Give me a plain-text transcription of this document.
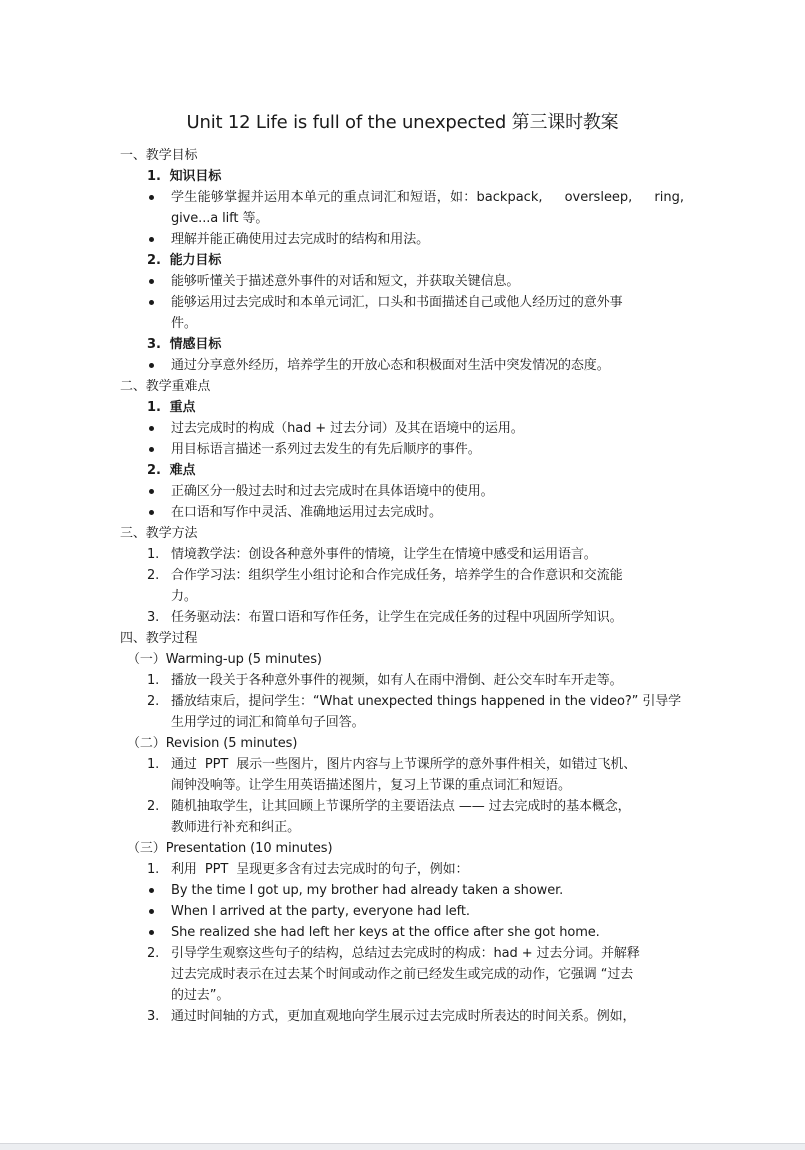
Unit 12 Life is full of the unexpected 第三课时教案
一、教学目标
1.  知识目标
学生能够掌握并运用本单元的重点词汇和短语，如：backpack,     oversleep,     ring,
give...a lift 等。
理解并能正确使用过去完成时的结构和用法。
2.  能力目标
能够听懂关于描述意外事件的对话和短文，并获取关键信息。
能够运用过去完成时和本单元词汇，口头和书面描述自己或他人经历过的意外事
件。
3.  情感目标
通过分享意外经历，培养学生的开放心态和积极面对生活中突发情况的态度。
二、教学重难点
1.  重点
过去完成时的构成（had + 过去分词）及其在语境中的运用。
用目标语言描述一系列过去发生的有先后顺序的事件。
2.  难点
正确区分一般过去时和过去完成时在具体语境中的使用。
在口语和写作中灵活、准确地运用过去完成时。
三、教学方法
1. 情境教学法：创设各种意外事件的情境，让学生在情境中感受和运用语言。
2. 合作学习法：组织学生小组讨论和合作完成任务，培养学生的合作意识和交流能
力。
3. 任务驱动法：布置口语和写作任务，让学生在完成任务的过程中巩固所学知识。
四、教学过程
（一）Warming-up (5 minutes)
1. 播放一段关于各种意外事件的视频，如有人在雨中滑倒、赶公交车时车开走等。
2. 播放结束后，提问学生：“What unexpected things happened in the video?” 引导学
生用学过的词汇和简单句子回答。
（二）Revision (5 minutes)
1. 通过  PPT  展示一些图片，图片内容与上节课所学的意外事件相关，如错过飞机、
闹钟没响等。让学生用英语描述图片，复习上节课的重点词汇和短语。
2. 随机抽取学生，让其回顾上节课所学的主要语法点 —— 过去完成时的基本概念，
教师进行补充和纠正。
（三）Presentation (10 minutes)
1. 利用  PPT  呈现更多含有过去完成时的句子，例如：
By the time I got up, my brother had already taken a shower.
When I arrived at the party, everyone had left.
She realized she had left her keys at the office after she got home.
2. 引导学生观察这些句子的结构，总结过去完成时的构成：had + 过去分词。并解释
过去完成时表示在过去某个时间或动作之前已经发生或完成的动作，它强调 “过去
的过去”。
3. 通过时间轴的方式，更加直观地向学生展示过去完成时所表达的时间关系。例如，
